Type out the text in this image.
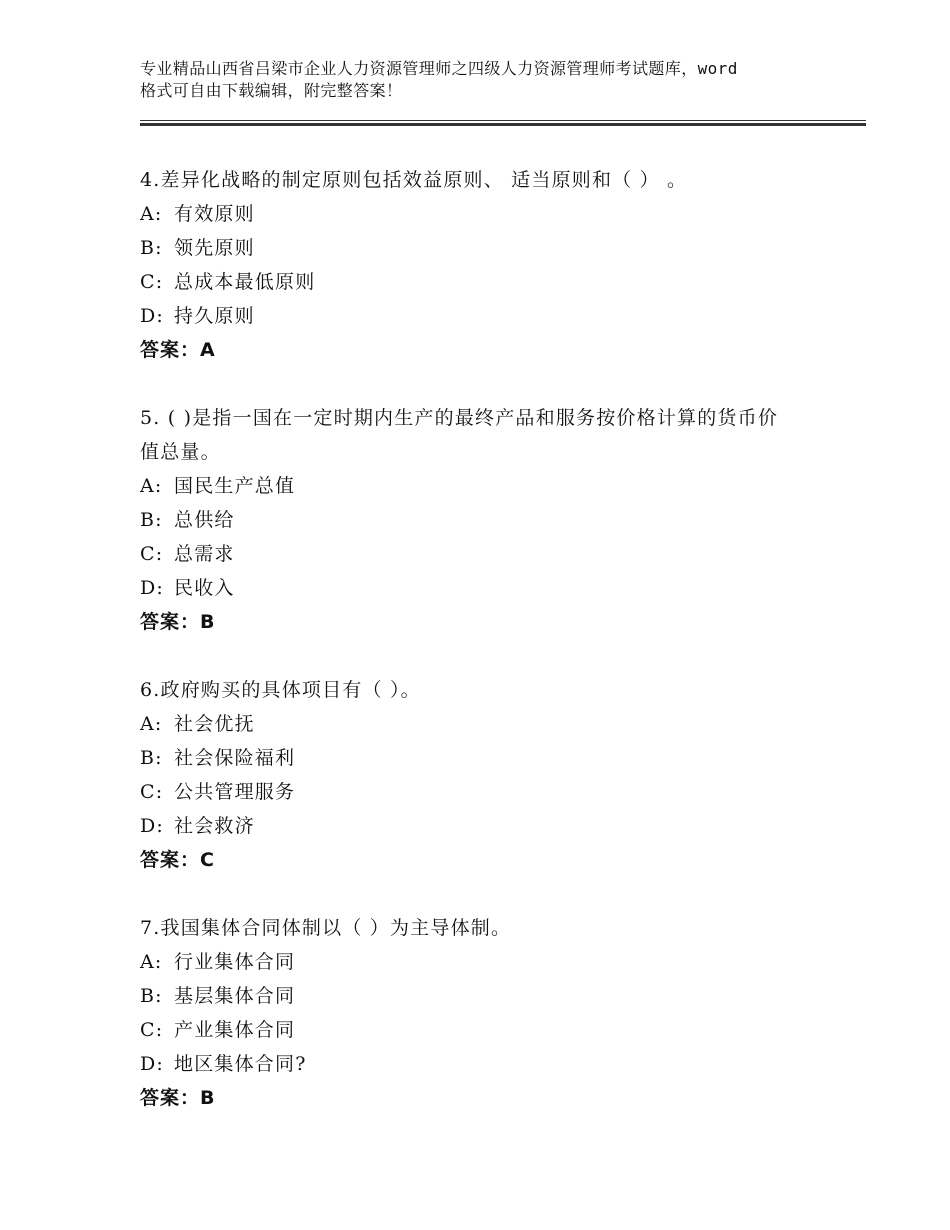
专业精品山西省吕梁市企业人力资源管理师之四级人力资源管理师考试题库，word
格式可自由下载编辑，附完整答案！
4.差异化战略的制定原则包括效益原则、 适当原则和（ ） 。
A: 有效原则
B: 领先原则
C: 总成本最低原则
D: 持久原则
答案：A
5. ( )是指一国在一定时期内生产的最终产品和服务按价格计算的货币价值总量。
A: 国民生产总值
B: 总供给
C: 总需求
D: 民收入
答案：B
6.政府购买的具体项目有（ ）。
A: 社会优抚
B: 社会保险福利
C: 公共管理服务
D: 社会救济
答案：C
7.我国集体合同体制以（ ）为主导体制。
A: 行业集体合同
B: 基层集体合同
C: 产业集体合同
D: 地区集体合同?
答案：B
